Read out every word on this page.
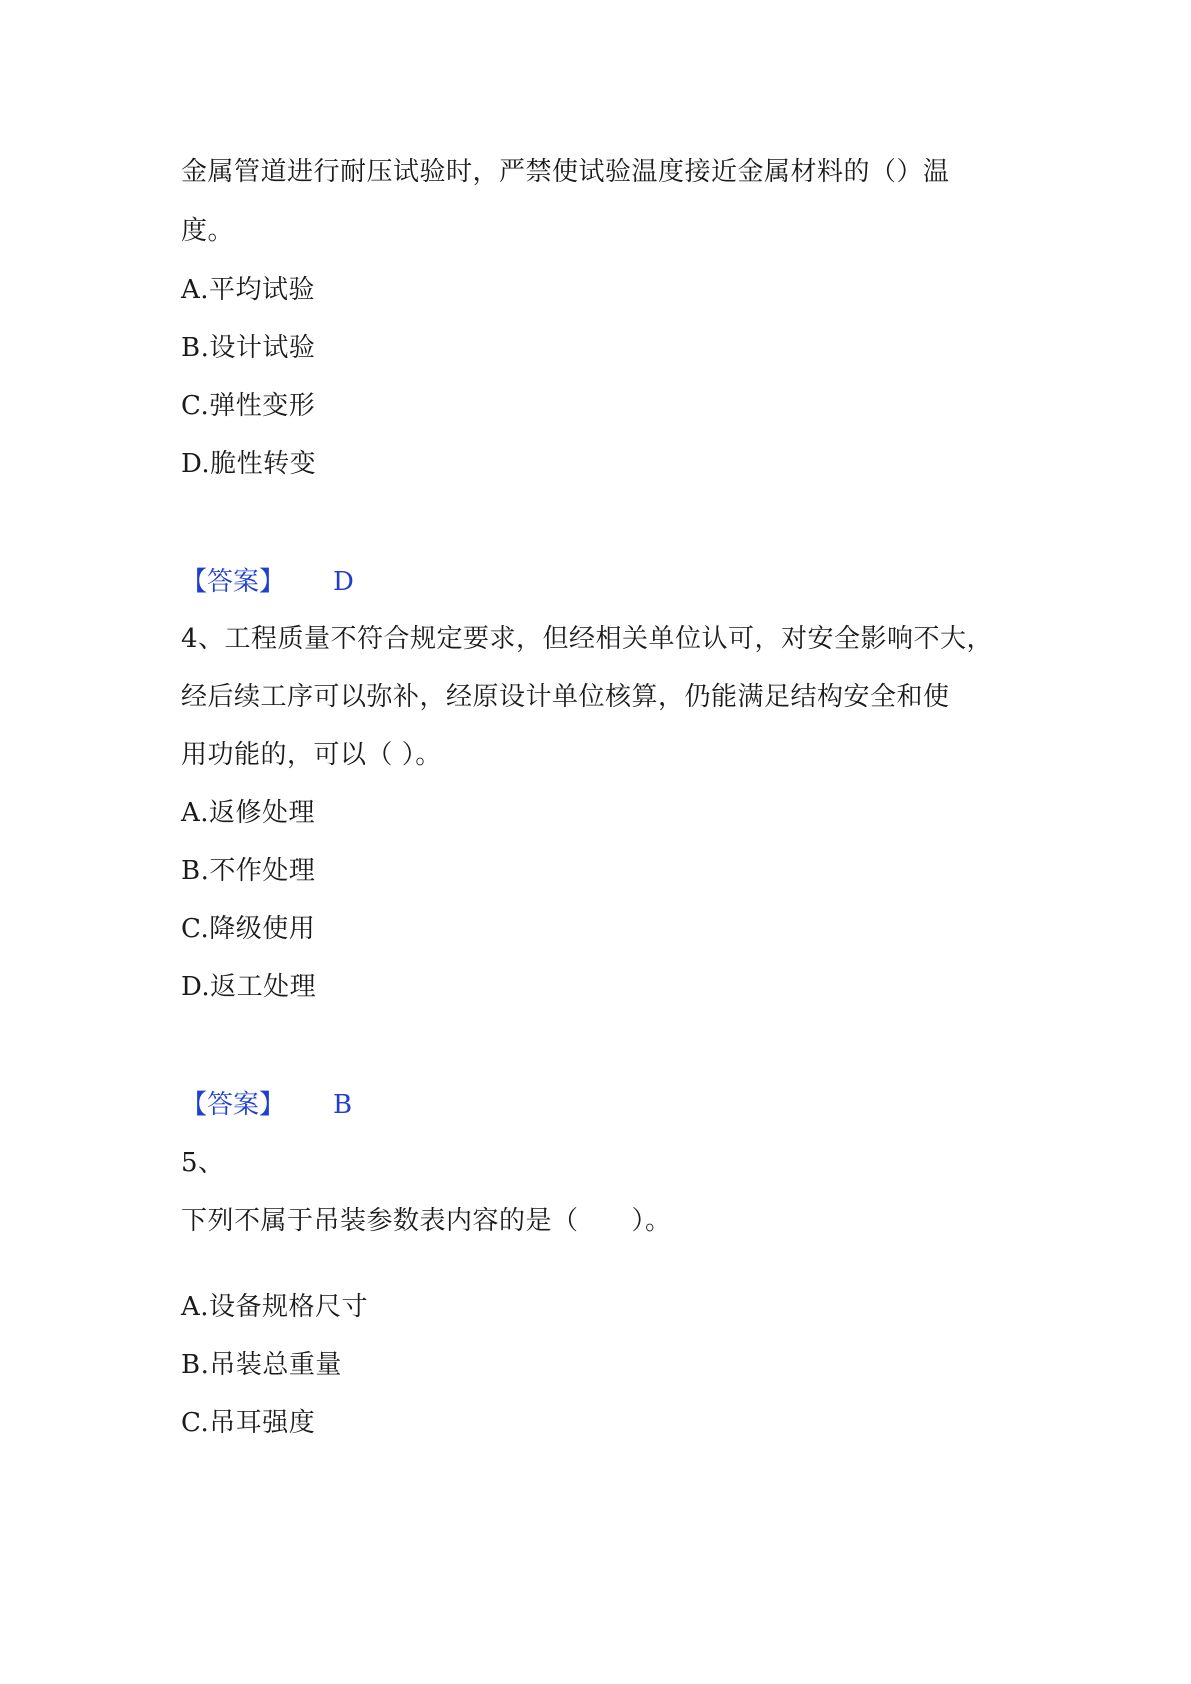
金属管道进行耐压试验时，严禁使试验温度接近金属材料的（）温
度。
A.平均试验
B.设计试验
C.弹性变形
D.脆性转变
【答案】 D
4、工程质量不符合规定要求，但经相关单位认可，对安全影响不大，
经后续工序可以弥补，经原设计单位核算，仍能满足结构安全和使
用功能的，可以（ ）。
A.返修处理
B.不作处理
C.降级使用
D.返工处理
【答案】 B
5、
下列不属于吊装参数表内容的是（　　）。
A.设备规格尺寸
B.吊装总重量
C.吊耳强度
